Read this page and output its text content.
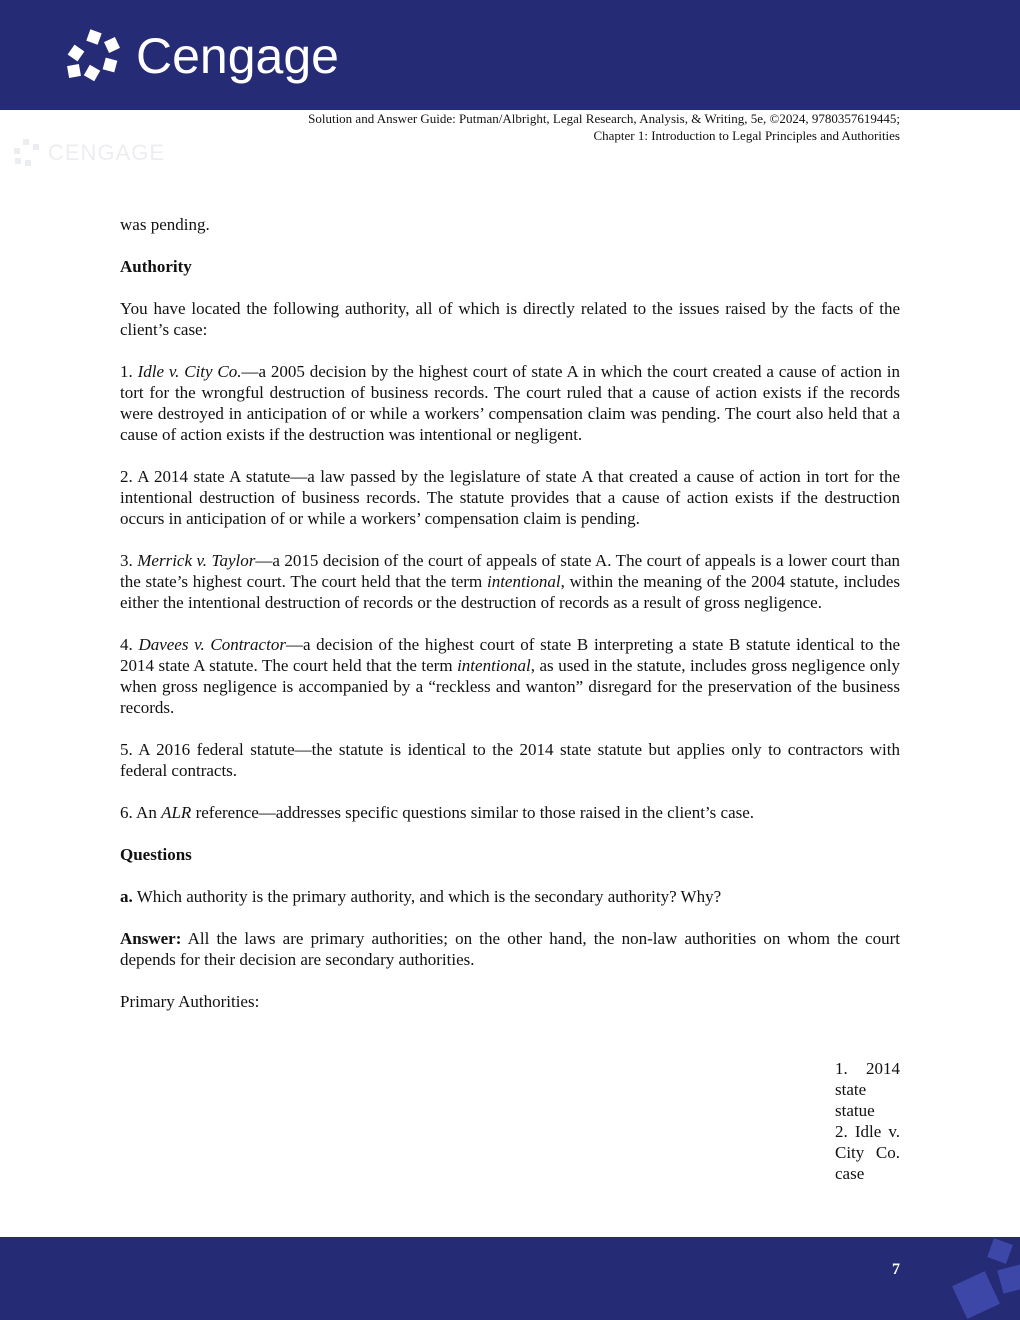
Cengage
CENGAGE
Solution and Answer Guide: Putman/Albright, Legal Research, Analysis, & Writing, 5e, ©2024, 9780357619445;
Chapter 1: Introduction to Legal Principles and Authorities

was pending.

Authority

You have located the following authority, all of which is directly related to the issues raised by the facts of the client’s case:

1. Idle v. City Co.—a 2005 decision by the highest court of state A in which the court created a cause of action in tort for the wrongful destruction of business records. The court ruled that a cause of action exists if the records were destroyed in anticipation of or while a workers’ compensation claim was pending. The court also held that a cause of action exists if the destruction was intentional or negligent.

2. A 2014 state A statute—a law passed by the legislature of state A that created a cause of action in tort for the intentional destruction of business records. The statute provides that a cause of action exists if the destruction occurs in anticipation of or while a workers’ compensation claim is pending.

3. Merrick v. Taylor—a 2015 decision of the court of appeals of state A. The court of appeals is a lower court than the state’s highest court. The court held that the term intentional, within the meaning of the 2004 statute, includes either the intentional destruction of records or the destruction of records as a result of gross negligence.

4. Davees v. Contractor—a decision of the highest court of state B interpreting a state B statute identical to the 2014 state A statute. The court held that the term intentional, as used in the statute, includes gross negligence only when gross negligence is accompanied by a “reckless and wanton” disregard for the preservation of the business records.

5. A 2016 federal statute—the statute is identical to the 2014 state statute but applies only to contractors with federal contracts.

6. An ALR reference—addresses specific questions similar to those raised in the client’s case.

Questions

a. Which authority is the primary authority, and which is the secondary authority? Why?

Answer: All the laws are primary authorities; on the other hand, the non-law authorities on whom the court depends for their decision are secondary authorities.

Primary Authorities:

1. 2014 state statue
2. Idle v. City Co. case
7
